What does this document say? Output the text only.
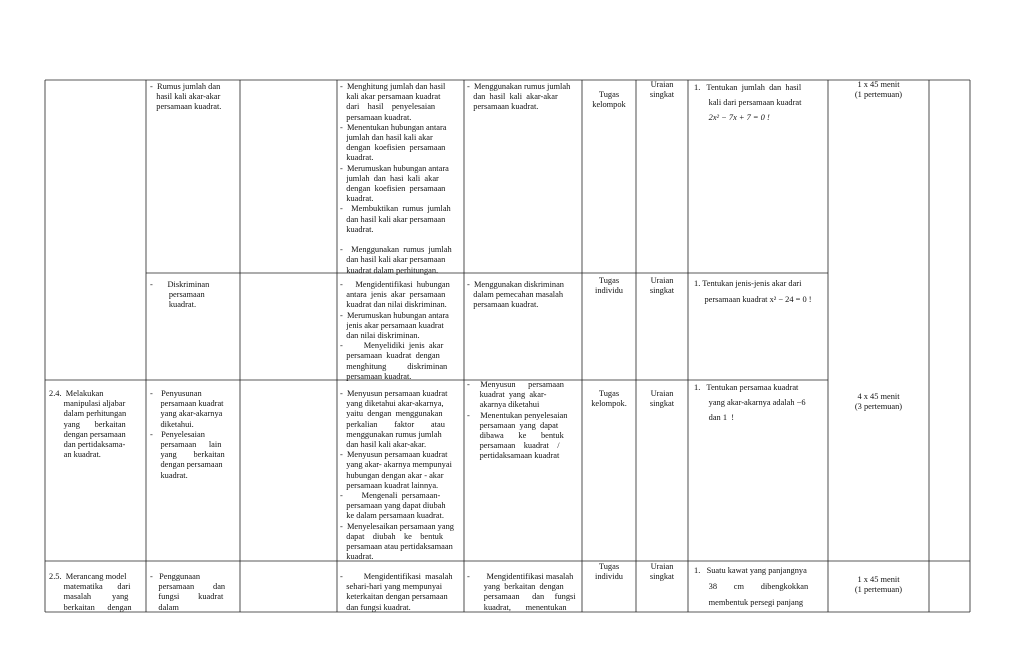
-  Rumus jumlah dan
hasil kali akar-akar
persamaan kuadrat.
-  Menghitung jumlah dan hasil
kali akar persamaan kuadrat
dari    hasil    penyelesaian
persamaan kuadrat.
-  Menentukan hubungan antara
jumlah dan hasil kali akar
dengan  koefisien  persamaan
kuadrat.
-  Merumuskan hubungan antara
jumlah  dan  hasi  kali  akar
dengan  koefisien  persamaan
kuadrat.
-    Membuktikan  rumus  jumlah
dan hasil kali akar persamaan
kuadrat.

-    Menggunakan  rumus  jumlah
dan hasil kali akar persamaan
kuadrat dalam perhitungan.
-  Menggunakan rumus jumlah
dan  hasil  kali  akar-akar
persamaan kuadrat.
Tugas
kelompok
Uraian
singkat
1.   Tentukan  jumlah  dan  hasil
kali dari persamaan kuadrat
2x² − 7x + 7 = 0 !
1 x 45 menit
(1 pertemuan)
-       Diskriminan
persamaan
kuadrat.
-      Mengidentifikasi  hubungan
antara  jenis  akar  persamaan
kuadrat dan nilai diskriminan.
-  Merumuskan hubungan antara
jenis akar persamaan kuadrat
dan nilai diskriminan.
-          Menyelidiki  jenis  akar
persamaan  kuadrat  dengan
menghitung          diskriminan
persamaan kuadrat.
-  Menggunakan diskriminan
dalam pemecahan masalah
persamaan kuadrat.
Tugas
individu
Uraian
singkat
1. Tentukan jenis-jenis akar dari
persamaan kuadrat x² − 24 = 0 !
2.4.  Melakukan
manipulasi aljabar
dalam perhitungan
yang       berkaitan
dengan persamaan
dan pertidaksama-
an kuadrat.
-    Penyusunan
persamaan kuadrat
yang akar-akarnya
diketahui.
-    Penyelesaian
persamaan      lain
yang        berkaitan
dengan persamaan
kuadrat.
-  Menyusun persamaan kuadrat
yang diketahui akar-akarnya,
yaitu  dengan  menggunakan
perkalian        faktor        atau
menggunakan rumus jumlah
dan hasil kali akar-akar.
-  Menyusun persamaan kuadrat
yang akar- akarnya mempunyai
hubungan dengan akar - akar
persamaan kuadrat lainnya.
-         Mengenali  persamaan-
persamaan yang dapat diubah
ke dalam persamaan kuadrat.
-  Menyelesaikan persamaan yang
dapat    diubah    ke    bentuk
persamaan atau pertidaksamaan
kuadrat.
-     Menyusun      persamaan
kuadrat  yang  akar-
akarnya diketahui
-     Menentukan penyelesaian
persamaan  yang  dapat
dibawa       ke       bentuk
persamaan    kuadrat    /
pertidaksamaan kuadrat
Tugas
kelompok.
Uraian
singkat
1.   Tentukan persamaa kuadrat
yang akar-akarnya adalah −6
dan 1  !
4 x 45 menit
(3 pertemuan)
2.5.  Merancang model
matematika       dari
masalah          yang
berkaitan      dengan
-   Penggunaan
persamaan         dan
fungsi         kuadrat
dalam
-          Mengidentifikasi  masalah
sehari-hari yang mempunyai
keterkaitan dengan persamaan
dan fungsi kuadrat.
-        Mengidentifikasi masalah
yang  berkaitan  dengan
persamaan      dan     fungsi
kuadrat,       menentukan
Tugas
individu
Uraian
singkat
1.   Suatu kawat yang panjangnya
38        cm        dibengkokkan
membentuk persegi panjang
1 x 45 menit
(1 pertemuan)
